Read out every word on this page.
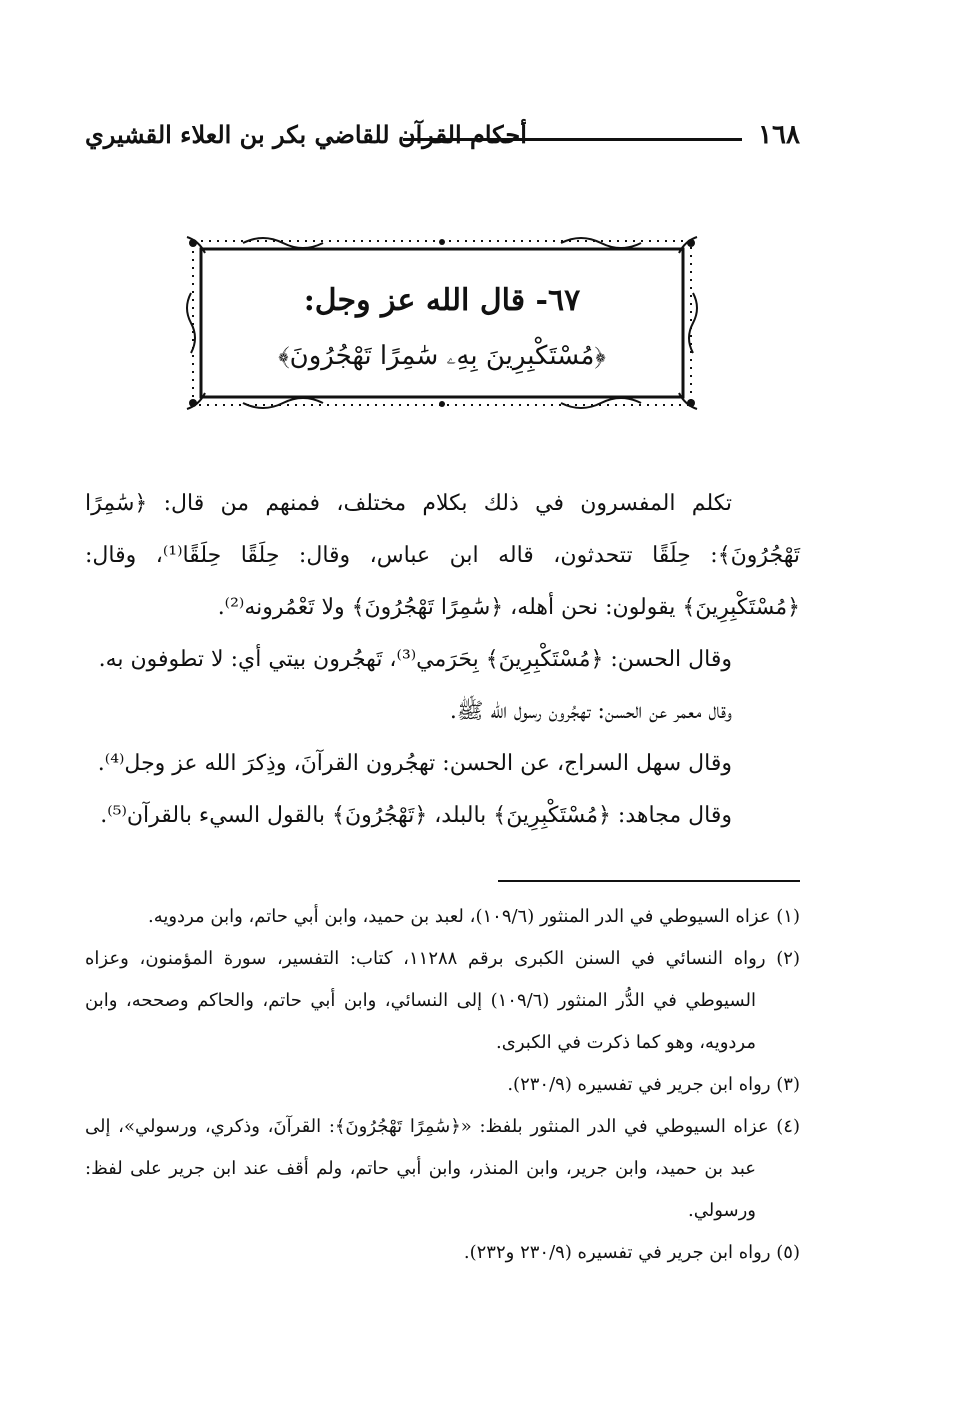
١٦٨
أحكام القرآن للقاضي بكر بن العلاء القشيري
٦٧- قال الله عز وجل:
﴿مُسْتَكْبِرِينَ بِهِۦ سَٰمِرًا تَهْجُرُونَ﴾

تكلم المفسرون في ذلك بكلام مختلف، فمنهم من قال: ﴿سَٰمِرًا تَهْجُرُونَ﴾: حِلَقًا تتحدثون، قاله ابن عباس، وقال: حِلَقًا حِلَقًا⁽¹⁾، وقال: ﴿مُسْتَكْبِرِينَ﴾ يقولون: نحن أهله، ﴿سَٰمِرًا تَهْجُرُونَ﴾ ولا تَعْمُرونه⁽²⁾.

وقال الحسن: ﴿مُسْتَكْبِرِينَ﴾ بِحَرَمي⁽³⁾، تَهجُرون بيتي أي: لا تطوفون به.

وقال معمر عن الحسن: تهجُرون رسول الله ﷺ.

وقال سهل السراج، عن الحسن: تهجُرون القرآنَ، وذِكرَ الله عز وجل⁽⁴⁾.

وقال مجاهد: ﴿مُسْتَكْبِرِينَ﴾ بالبلد، ﴿تَهْجُرُونَ﴾ بالقول السيء بالقرآن⁽⁵⁾.

(١) عزاه السيوطي في الدر المنثور (١٠٩/٦)، لعبد بن حميد، وابن أبي حاتم، وابن مردويه.

(٢) رواه النسائي في السنن الكبرى برقم ١١٢٨٨، كتاب: التفسير، سورة المؤمنون، وعزاه السيوطي في الدُّر المنثور (١٠٩/٦) إلى النسائي، وابن أبي حاتم، والحاكم وصححه، وابن مردويه، وهو كما ذكرت في الكبرى.

(٣) رواه ابن جرير في تفسيره (٢٣٠/٩).

(٤) عزاه السيوطي في الدر المنثور بلفظ: «﴿سَٰمِرًا تَهْجُرُونَ﴾: القرآنَ، وذكري، ورسولي»، إلى عبد بن حميد، وابن جرير، وابن المنذر، وابن أبي حاتم، ولم أقف عند ابن جرير على لفظ: ورسولي.

(٥) رواه ابن جرير في تفسيره (٢٣٠/٩ و٢٣٢).
